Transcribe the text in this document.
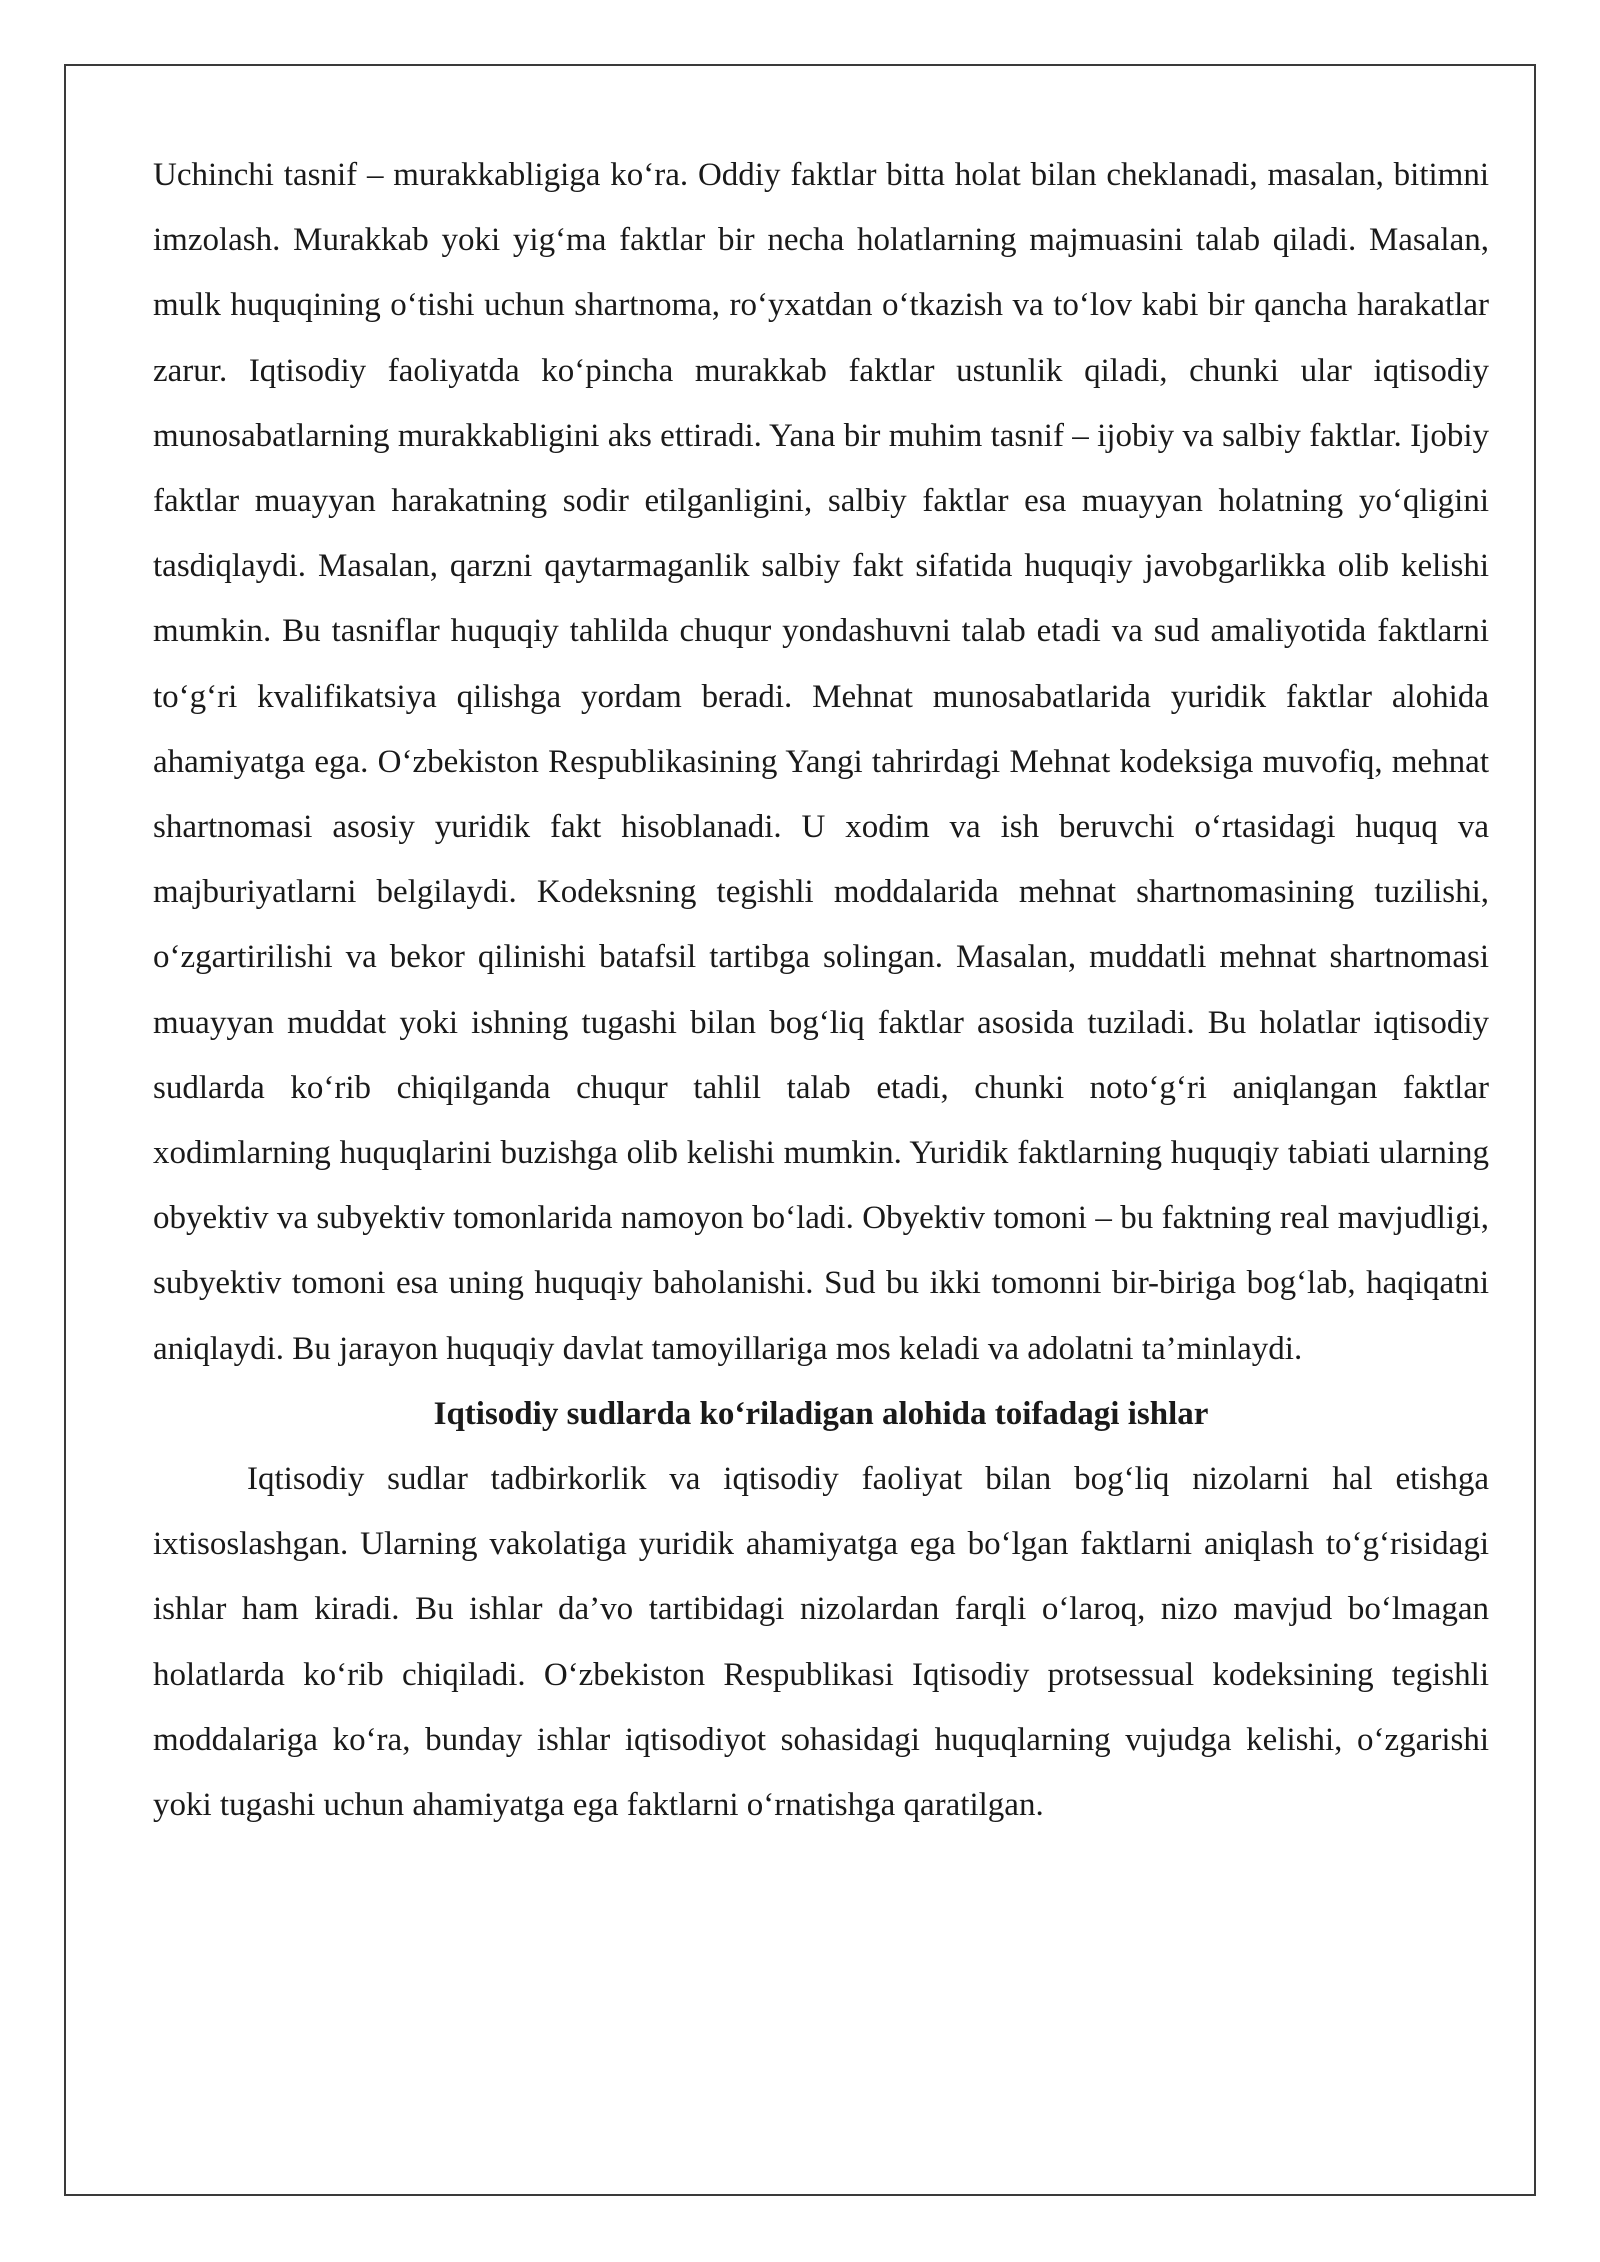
Uchinchi tasnif – murakkabligiga ko‘ra. Oddiy faktlar bitta holat bilan cheklanadi, masalan, bitimni imzolash. Murakkab yoki yig‘ma faktlar bir necha holatlarning majmuasini talab qiladi. Masalan, mulk huquqining o‘tishi uchun shartnoma, ro‘yxatdan o‘tkazish va to‘lov kabi bir qancha harakatlar zarur. Iqtisodiy faoliyatda ko‘pincha murakkab faktlar ustunlik qiladi, chunki ular iqtisodiy munosabatlarning murakkabligini aks ettiradi. Yana bir muhim tasnif – ijobiy va salbiy faktlar. Ijobiy faktlar muayyan harakatning sodir etilganligini, salbiy faktlar esa muayyan holatning yo‘qligini tasdiqlaydi. Masalan, qarzni qaytarmaganlik salbiy fakt sifatida huquqiy javobgarlikka olib kelishi mumkin. Bu tasniflar huquqiy tahlilda chuqur yondashuvni talab etadi va sud amaliyotida faktlarni to‘g‘ri kvalifikatsiya qilishga yordam beradi. Mehnat munosabatlarida yuridik faktlar alohida ahamiyatga ega. O‘zbekiston Respublikasining Yangi tahrirdagi Mehnat kodeksiga muvofiq, mehnat shartnomasi asosiy yuridik fakt hisoblanadi. U xodim va ish beruvchi o‘rtasidagi huquq va majburiyatlarni belgilaydi. Kodeksning tegishli moddalarida mehnat shartnomasining tuzilishi, o‘zgartirilishi va bekor qilinishi batafsil tartibga solingan. Masalan, muddatli mehnat shartnomasi muayyan muddat yoki ishning tugashi bilan bog‘liq faktlar asosida tuziladi. Bu holatlar iqtisodiy sudlarda ko‘rib chiqilganda chuqur tahlil talab etadi, chunki noto‘g‘ri aniqlangan faktlar xodimlarning huquqlarini buzishga olib kelishi mumkin. Yuridik faktlarning huquqiy tabiati ularning obyektiv va subyektiv tomonlarida namoyon bo‘ladi. Obyektiv tomoni – bu faktning real mavjudligi, subyektiv tomoni esa uning huquqiy baholanishi. Sud bu ikki tomonni bir-biriga bog‘lab, haqiqatni aniqlaydi. Bu jarayon huquqiy davlat tamoyillariga mos keladi va adolatni ta’minlaydi.

Iqtisodiy sudlarda ko‘riladigan alohida toifadagi ishlar

Iqtisodiy sudlar tadbirkorlik va iqtisodiy faoliyat bilan bog‘liq nizolarni hal etishga ixtisoslashgan. Ularning vakolatiga yuridik ahamiyatga ega bo‘lgan faktlarni aniqlash to‘g‘risidagi ishlar ham kiradi. Bu ishlar da’vo tartibidagi nizolardan farqli o‘laroq, nizo mavjud bo‘lmagan holatlarda ko‘rib chiqiladi. O‘zbekiston Respublikasi Iqtisodiy protsessual kodeksining tegishli moddalariga ko‘ra, bunday ishlar iqtisodiyot sohasidagi huquqlarning vujudga kelishi, o‘zgarishi yoki tugashi uchun ahamiyatga ega faktlarni o‘rnatishga qaratilgan.
